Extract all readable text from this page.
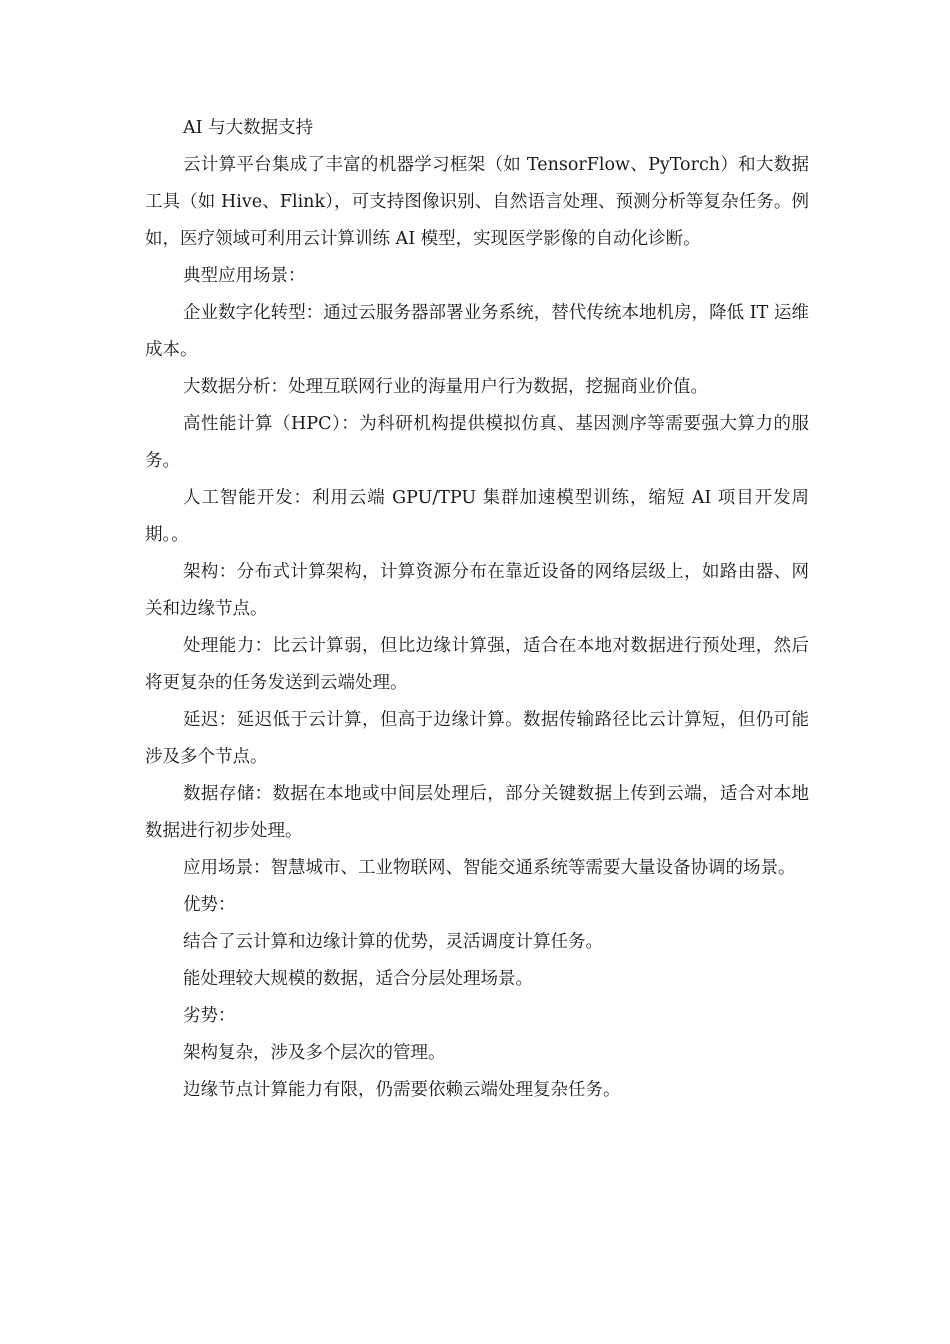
AI 与大数据支持

云计算平台集成了丰富的机器学习框架（如 TensorFlow、PyTorch）和大数据工具（如 Hive、Flink），可支持图像识别、自然语言处理、预测分析等复杂任务。例如，医疗领域可利用云计算训练 AI 模型，实现医学影像的自动化诊断。

典型应用场景：

企业数字化转型：通过云服务器部署业务系统，替代传统本地机房，降低 IT 运维成本。

大数据分析：处理互联网行业的海量用户行为数据，挖掘商业价值。

高性能计算（HPC）：为科研机构提供模拟仿真、基因测序等需要强大算力的服务。

人工智能开发：利用云端 GPU/TPU 集群加速模型训练，缩短 AI 项目开发周期。。

架构：分布式计算架构，计算资源分布在靠近设备的网络层级上，如路由器、网关和边缘节点。

处理能力：比云计算弱，但比边缘计算强，适合在本地对数据进行预处理，然后将更复杂的任务发送到云端处理。

延迟：延迟低于云计算，但高于边缘计算。数据传输路径比云计算短，但仍可能涉及多个节点。

数据存储：数据在本地或中间层处理后，部分关键数据上传到云端，适合对本地数据进行初步处理。

应用场景：智慧城市、工业物联网、智能交通系统等需要大量设备协调的场景。

优势：

结合了云计算和边缘计算的优势，灵活调度计算任务。

能处理较大规模的数据，适合分层处理场景。

劣势：

架构复杂，涉及多个层次的管理。

边缘节点计算能力有限，仍需要依赖云端处理复杂任务。
